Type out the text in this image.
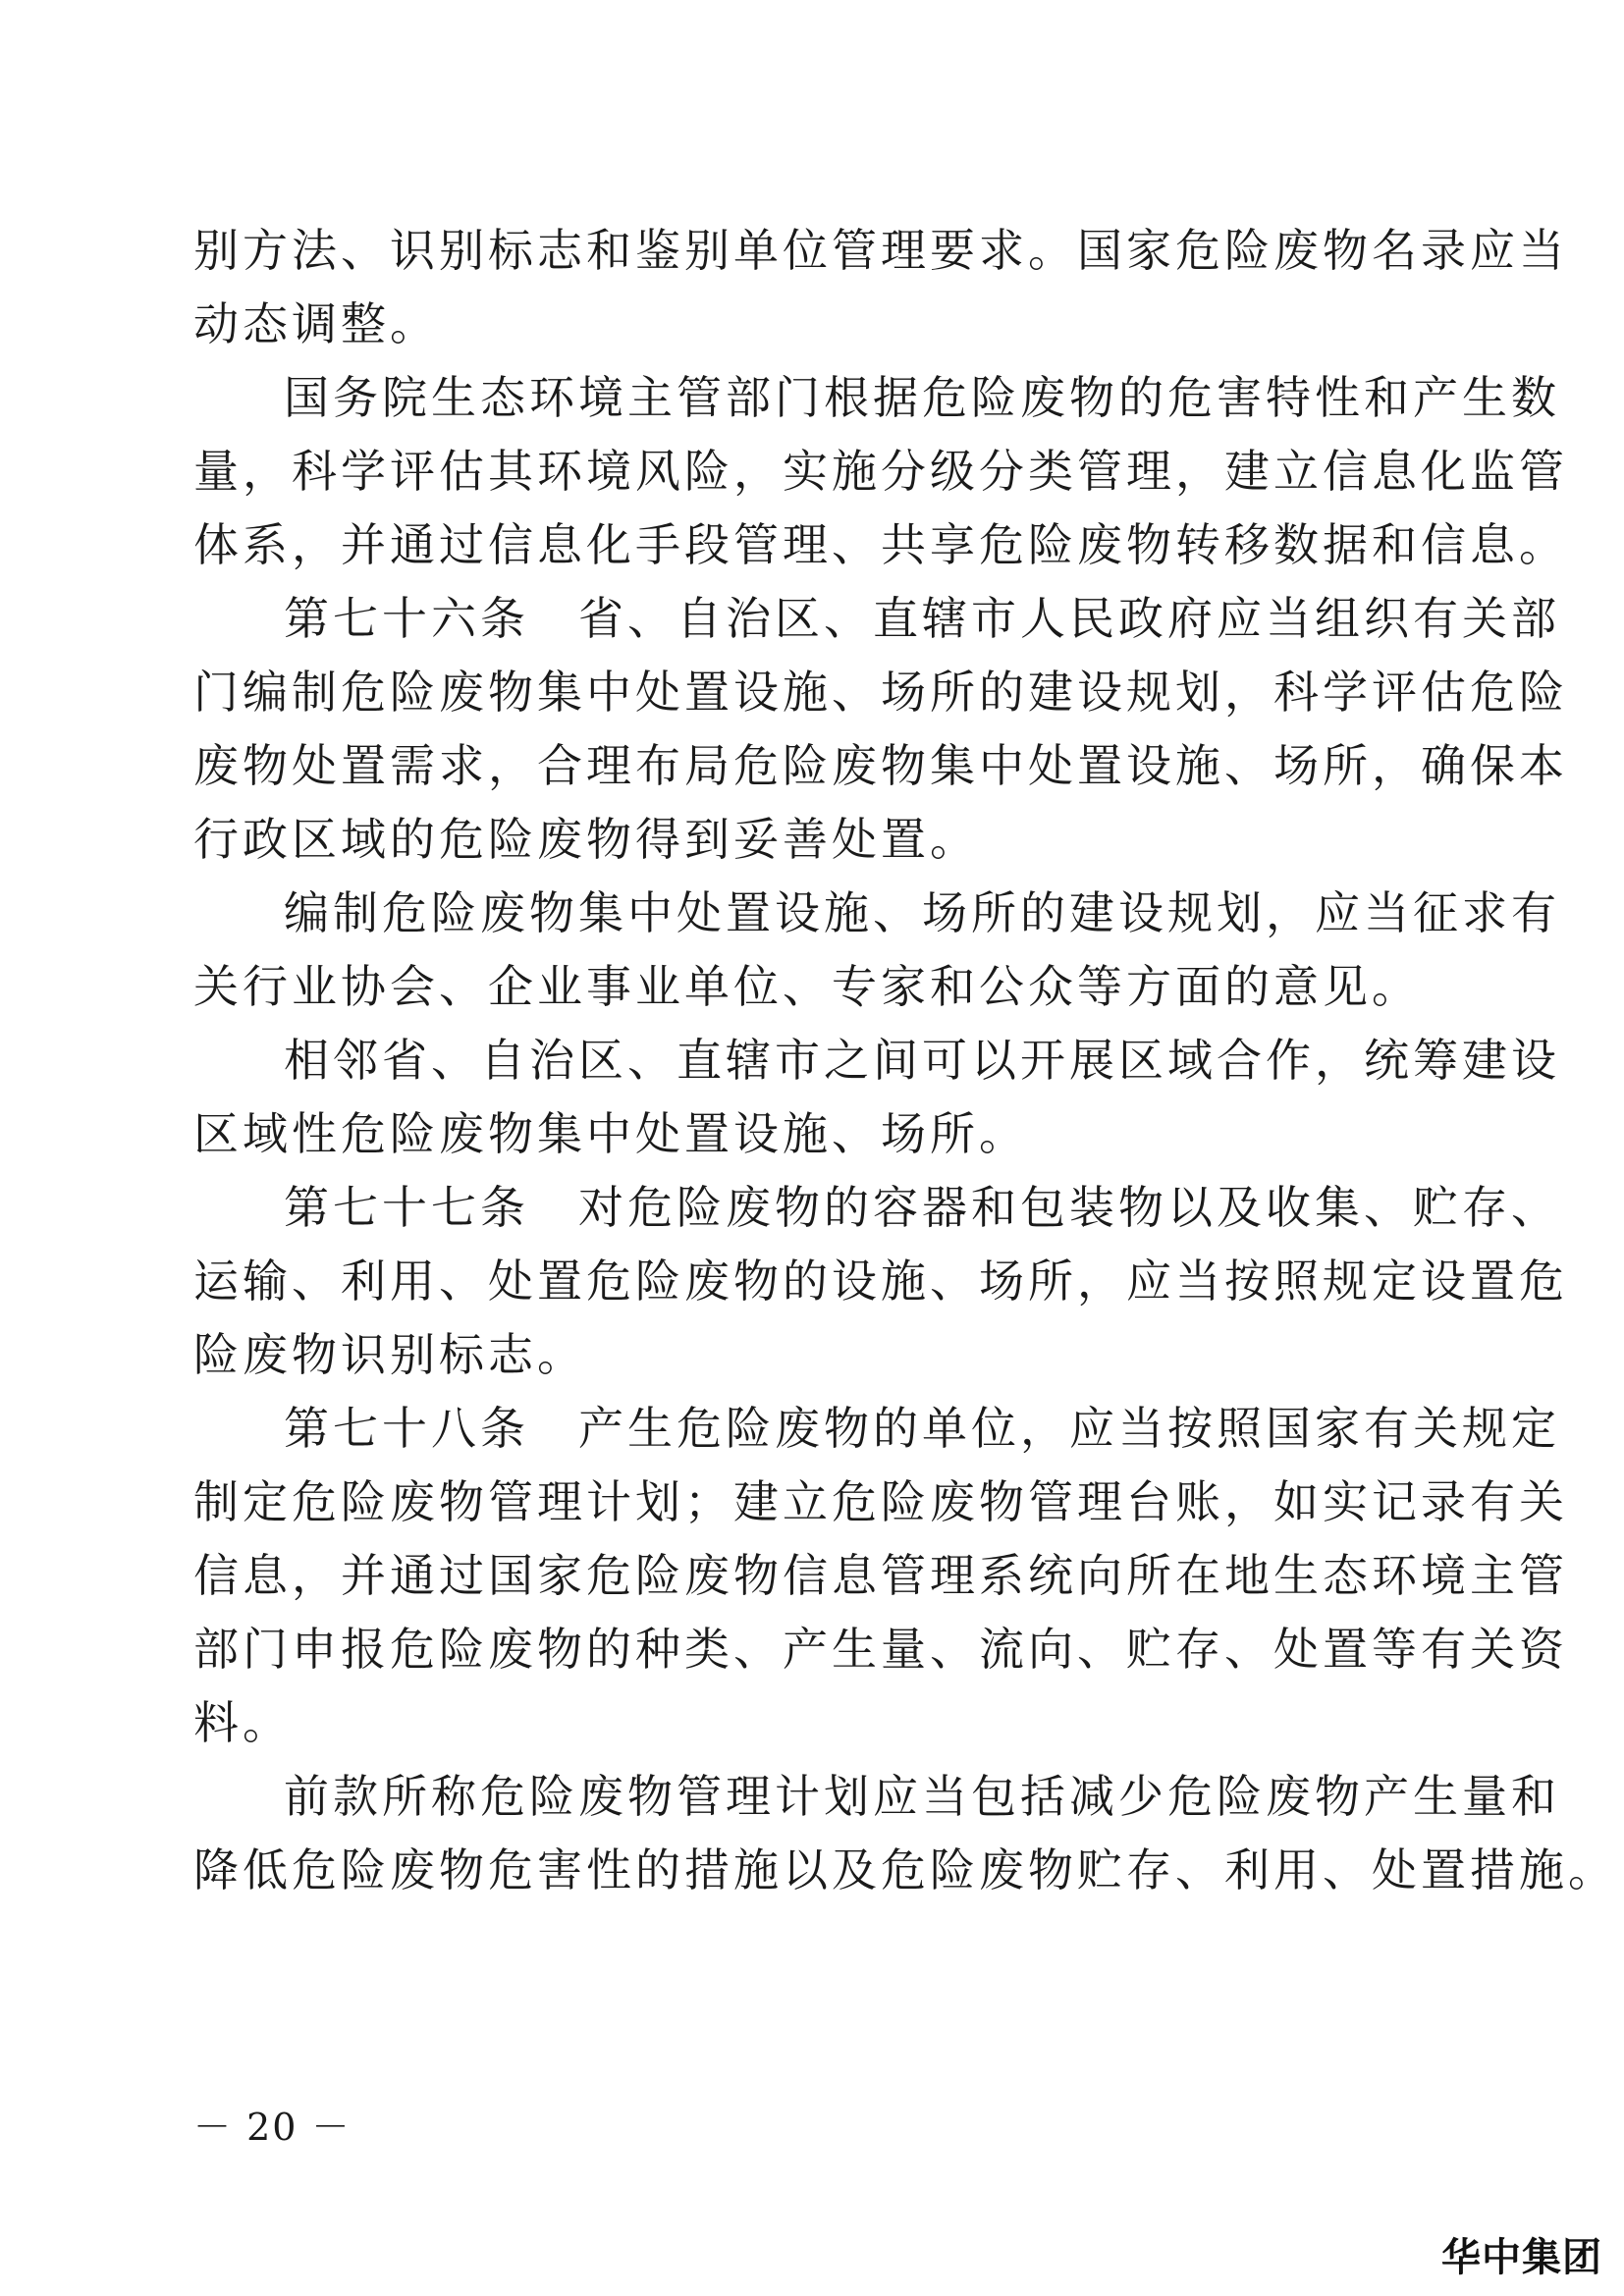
别方法、识别标志和鉴别单位管理要求。国家危险废物名录应当
动态调整。
国务院生态环境主管部门根据危险废物的危害特性和产生数
量，科学评估其环境风险，实施分级分类管理，建立信息化监管
体系，并通过信息化手段管理、共享危险废物转移数据和信息。
第七十六条　省、自治区、直辖市人民政府应当组织有关部
门编制危险废物集中处置设施、场所的建设规划，科学评估危险
废物处置需求，合理布局危险废物集中处置设施、场所，确保本
行政区域的危险废物得到妥善处置。
编制危险废物集中处置设施、场所的建设规划，应当征求有
关行业协会、企业事业单位、专家和公众等方面的意见。
相邻省、自治区、直辖市之间可以开展区域合作，统筹建设
区域性危险废物集中处置设施、场所。
第七十七条　对危险废物的容器和包装物以及收集、贮存、
运输、利用、处置危险废物的设施、场所，应当按照规定设置危
险废物识别标志。
第七十八条　产生危险废物的单位，应当按照国家有关规定
制定危险废物管理计划；建立危险废物管理台账，如实记录有关
信息，并通过国家危险废物信息管理系统向所在地生态环境主管
部门申报危险废物的种类、产生量、流向、贮存、处置等有关资
料。
前款所称危险废物管理计划应当包括减少危险废物产生量和
降低危险废物危害性的措施以及危险废物贮存、利用、处置措施。
－ 20 －
华中集团
